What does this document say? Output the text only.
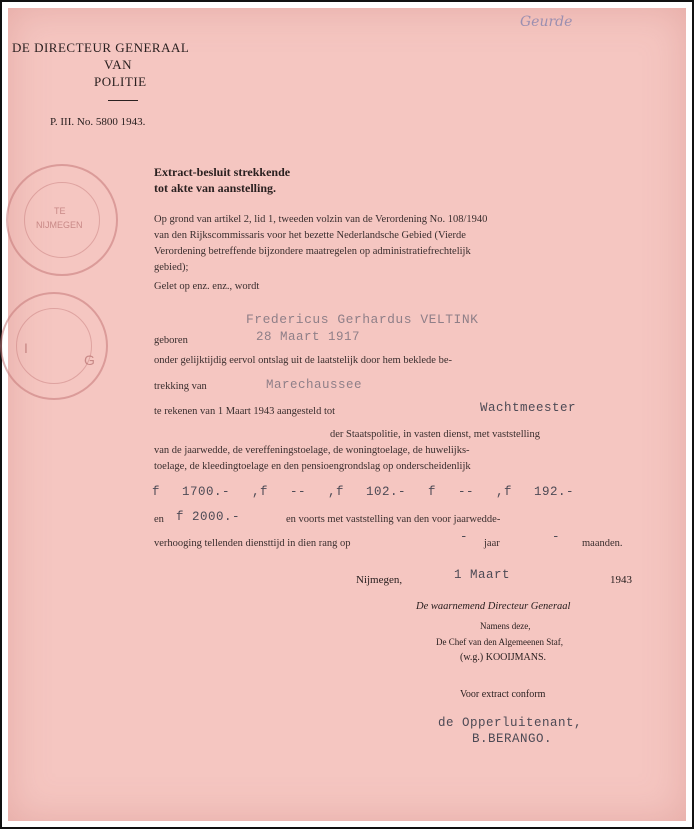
Geurde
DE DIRECTEUR GENERAAL
VAN
POLITIE
P. III. No. 5800 1943.
TE
NIJMEGEN
I
G
Extract-besluit strekkende
tot akte van aanstelling.
Op grond van artikel 2, lid 1, tweeden volzin van de Verordening No. 108/1940
van den Rijkscommissaris voor het bezette Nederlandsche Gebied (Vierde
Verordening betreffende bijzondere maatregelen op administratiefrechtelijk
gebied);
Gelet op enz. enz., wordt
Fredericus Gerhardus VELTINK
geboren	28 Maart 1917
onder gelijktijdig eervol ontslag uit de laatstelijk door hem beklede be-
trekking van	Marechaussee
te rekenen van 1 Maart 1943 aangesteld tot	Wachtmeester
der Staatspolitie, in vasten dienst, met vaststelling
van de jaarwedde, de vereffeningstoelage, de woningtoelage, de huwelijks-
toelage, de kleedingtoelage en den pensioengrondslag op onderscheidenlijk
f 1700.- ,f -- ,f 102.- f -- ,f 192.-
en f 2000.-	en voorts met vaststelling van den voor jaarwedde-
verhooging tellenden diensttijd in dien rang op	- jaar	- maanden.
Nijmegen,	1 Maart	1943
De waarnemend Directeur Generaal
Namens deze,
De Chef van den Algemeenen Staf,
(w.g.) KOOIJMANS.
Voor extract conform
de Opperluitenant,
B.BERANGO.
